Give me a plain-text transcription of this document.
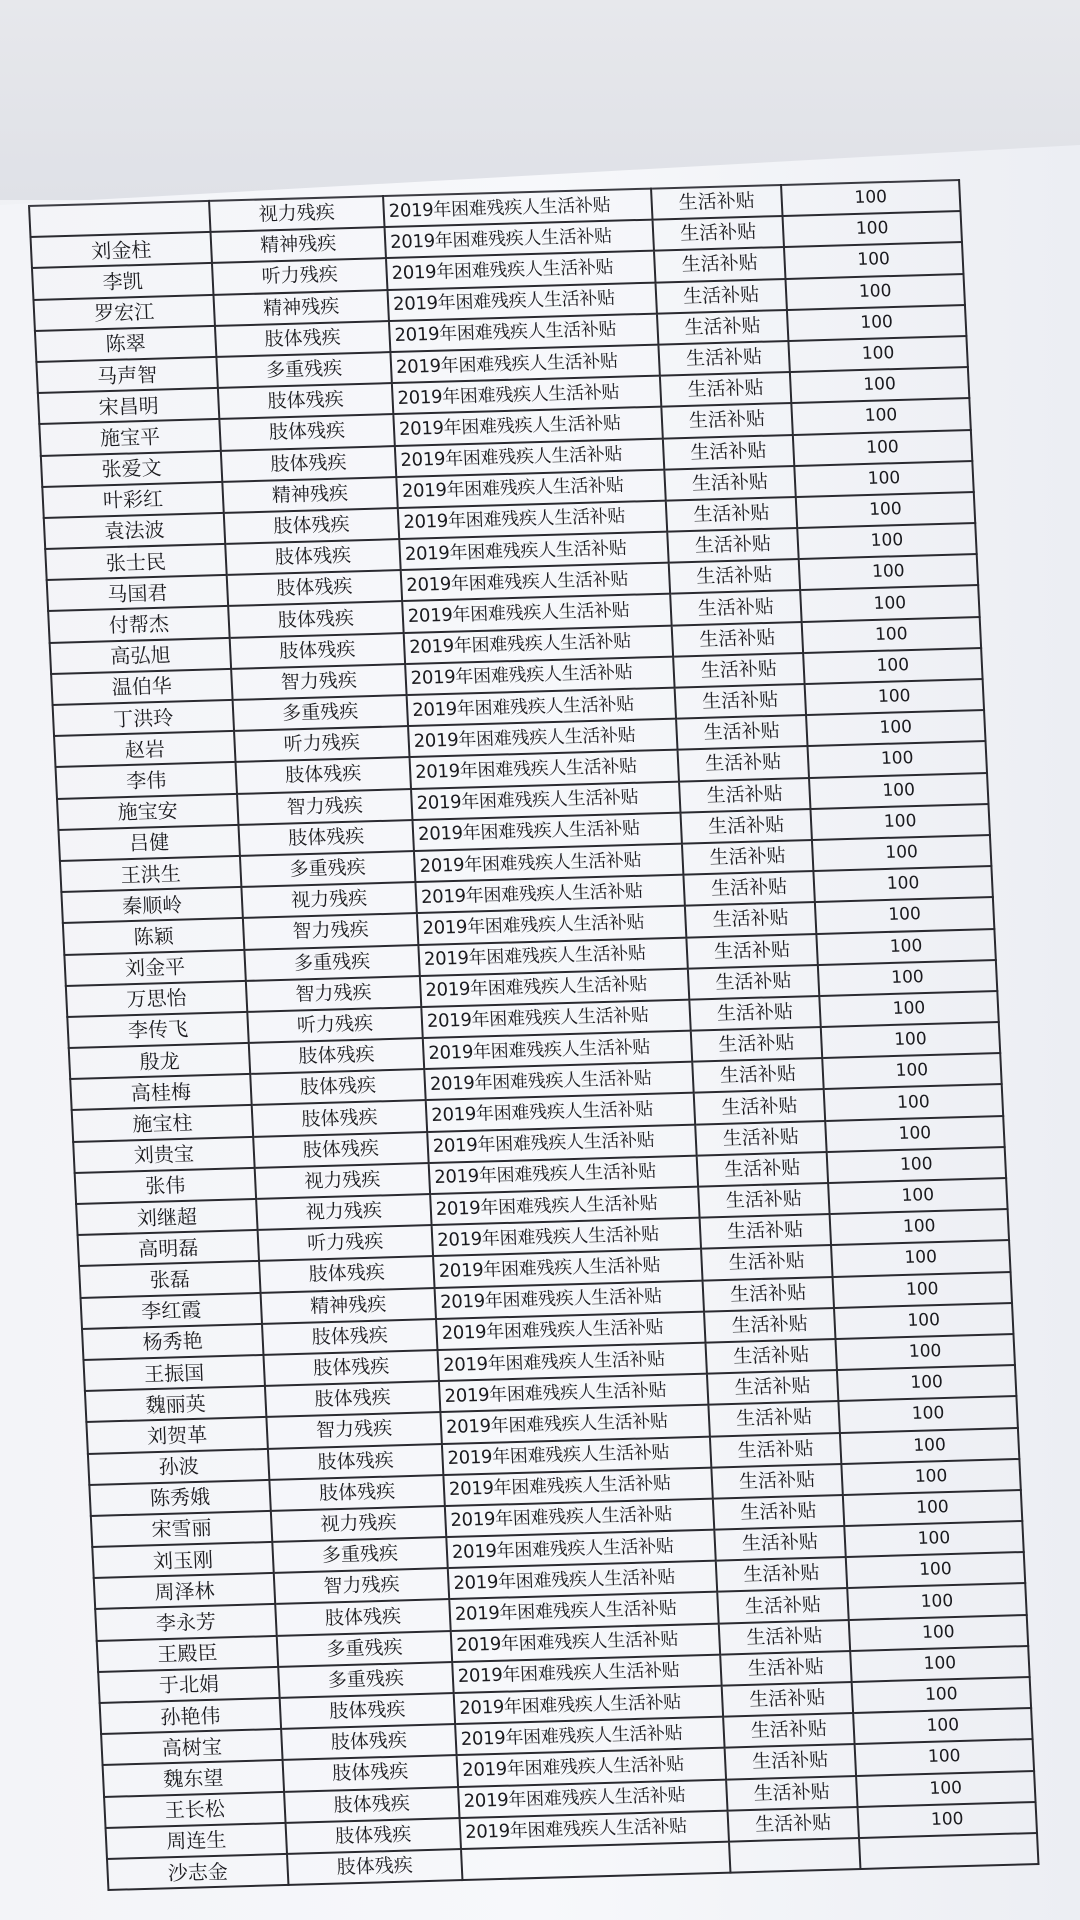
	视力残疾	2019年困难残疾人生活补贴	生活补贴	100
刘金柱	精神残疾	2019年困难残疾人生活补贴	生活补贴	100
李凯	听力残疾	2019年困难残疾人生活补贴	生活补贴	100
罗宏江	精神残疾	2019年困难残疾人生活补贴	生活补贴	100
陈翠	肢体残疾	2019年困难残疾人生活补贴	生活补贴	100
马声智	多重残疾	2019年困难残疾人生活补贴	生活补贴	100
宋昌明	肢体残疾	2019年困难残疾人生活补贴	生活补贴	100
施宝平	肢体残疾	2019年困难残疾人生活补贴	生活补贴	100
张爱文	肢体残疾	2019年困难残疾人生活补贴	生活补贴	100
叶彩红	精神残疾	2019年困难残疾人生活补贴	生活补贴	100
袁法波	肢体残疾	2019年困难残疾人生活补贴	生活补贴	100
张士民	肢体残疾	2019年困难残疾人生活补贴	生活补贴	100
马国君	肢体残疾	2019年困难残疾人生活补贴	生活补贴	100
付帮杰	肢体残疾	2019年困难残疾人生活补贴	生活补贴	100
高弘旭	肢体残疾	2019年困难残疾人生活补贴	生活补贴	100
温伯华	智力残疾	2019年困难残疾人生活补贴	生活补贴	100
丁洪玲	多重残疾	2019年困难残疾人生活补贴	生活补贴	100
赵岩	听力残疾	2019年困难残疾人生活补贴	生活补贴	100
李伟	肢体残疾	2019年困难残疾人生活补贴	生活补贴	100
施宝安	智力残疾	2019年困难残疾人生活补贴	生活补贴	100
吕健	肢体残疾	2019年困难残疾人生活补贴	生活补贴	100
王洪生	多重残疾	2019年困难残疾人生活补贴	生活补贴	100
秦顺岭	视力残疾	2019年困难残疾人生活补贴	生活补贴	100
陈颖	智力残疾	2019年困难残疾人生活补贴	生活补贴	100
刘金平	多重残疾	2019年困难残疾人生活补贴	生活补贴	100
万思怡	智力残疾	2019年困难残疾人生活补贴	生活补贴	100
李传飞	听力残疾	2019年困难残疾人生活补贴	生活补贴	100
殷龙	肢体残疾	2019年困难残疾人生活补贴	生活补贴	100
高桂梅	肢体残疾	2019年困难残疾人生活补贴	生活补贴	100
施宝柱	肢体残疾	2019年困难残疾人生活补贴	生活补贴	100
刘贵宝	肢体残疾	2019年困难残疾人生活补贴	生活补贴	100
张伟	视力残疾	2019年困难残疾人生活补贴	生活补贴	100
刘继超	视力残疾	2019年困难残疾人生活补贴	生活补贴	100
高明磊	听力残疾	2019年困难残疾人生活补贴	生活补贴	100
张磊	肢体残疾	2019年困难残疾人生活补贴	生活补贴	100
李红霞	精神残疾	2019年困难残疾人生活补贴	生活补贴	100
杨秀艳	肢体残疾	2019年困难残疾人生活补贴	生活补贴	100
王振国	肢体残疾	2019年困难残疾人生活补贴	生活补贴	100
魏丽英	肢体残疾	2019年困难残疾人生活补贴	生活补贴	100
刘贺革	智力残疾	2019年困难残疾人生活补贴	生活补贴	100
孙波	肢体残疾	2019年困难残疾人生活补贴	生活补贴	100
陈秀娥	肢体残疾	2019年困难残疾人生活补贴	生活补贴	100
宋雪丽	视力残疾	2019年困难残疾人生活补贴	生活补贴	100
刘玉刚	多重残疾	2019年困难残疾人生活补贴	生活补贴	100
周泽林	智力残疾	2019年困难残疾人生活补贴	生活补贴	100
李永芳	肢体残疾	2019年困难残疾人生活补贴	生活补贴	100
王殿臣	多重残疾	2019年困难残疾人生活补贴	生活补贴	100
于北娟	多重残疾	2019年困难残疾人生活补贴	生活补贴	100
孙艳伟	肢体残疾	2019年困难残疾人生活补贴	生活补贴	100
高树宝	肢体残疾	2019年困难残疾人生活补贴	生活补贴	100
魏东望	肢体残疾	2019年困难残疾人生活补贴	生活补贴	100
王长松	肢体残疾	2019年困难残疾人生活补贴	生活补贴	100
周连生	肢体残疾	2019年困难残疾人生活补贴	生活补贴	100
沙志金	肢体残疾			
